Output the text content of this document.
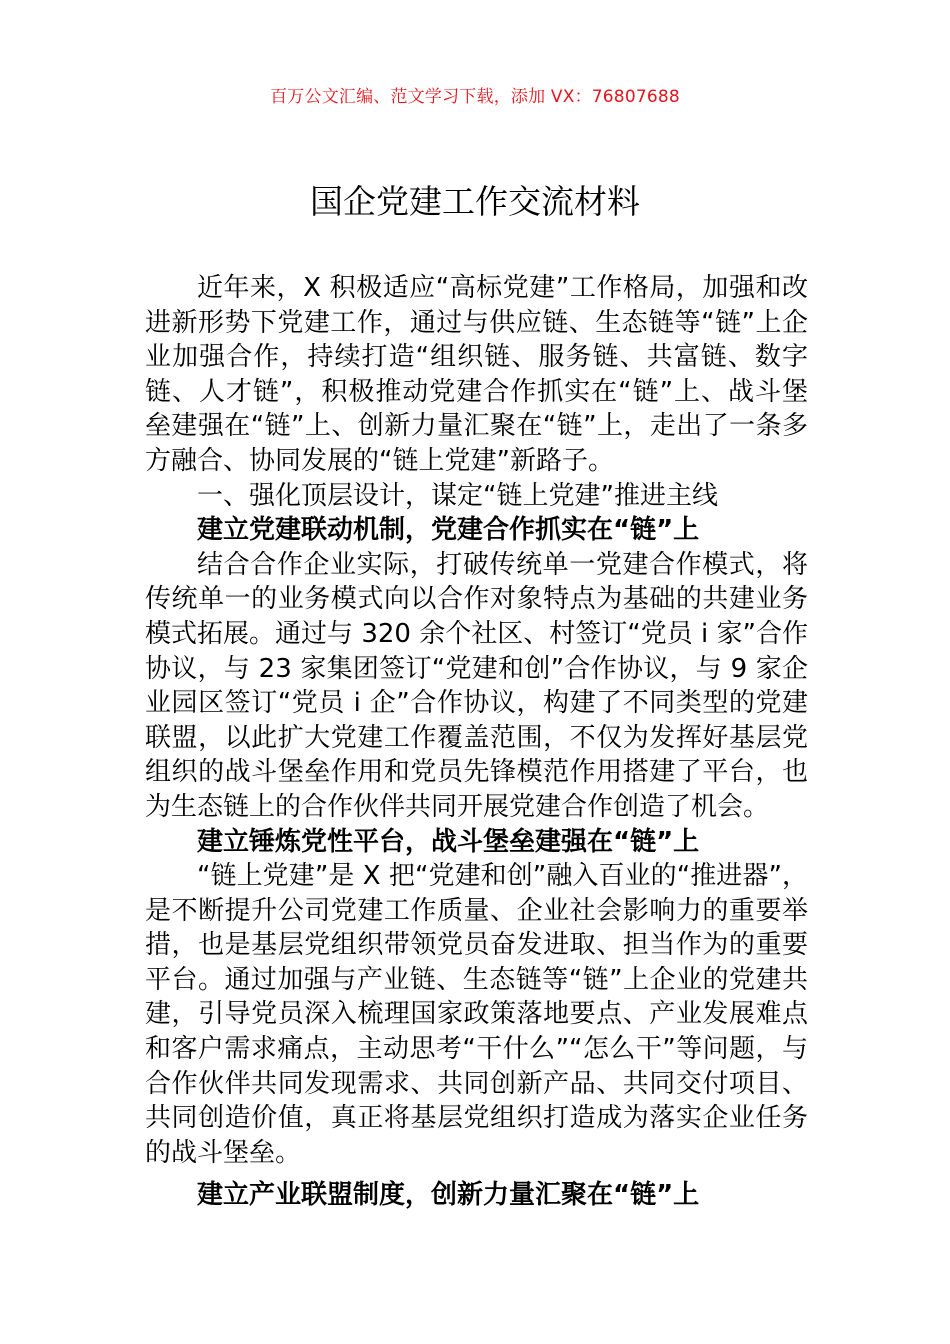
百万公文汇编、范文学习下载，添加 VX：76807688
国企党建工作交流材料

近年来，X 积极适应“高标党建”工作格局，加强和改进新形势下党建工作，通过与供应链、生态链等“链”上企业加强合作，持续打造“组织链、服务链、共富链、数字链、人才链”，积极推动党建合作抓实在“链”上、战斗堡垒建强在“链”上、创新力量汇聚在“链”上，走出了一条多方融合、协同发展的“链上党建”新路子。

一、强化顶层设计，谋定“链上党建”推进主线

建立党建联动机制，党建合作抓实在“链”上

结合合作企业实际，打破传统单一党建合作模式，将传统单一的业务模式向以合作对象特点为基础的共建业务模式拓展。通过与 320 余个社区、村签订“党员 i 家”合作协议，与 23 家集团签订“党建和创”合作协议，与 9 家企业园区签订“党员 i 企”合作协议，构建了不同类型的党建联盟，以此扩大党建工作覆盖范围，不仅为发挥好基层党组织的战斗堡垒作用和党员先锋模范作用搭建了平台，也为生态链上的合作伙伴共同开展党建合作创造了机会。

建立锤炼党性平台，战斗堡垒建强在“链”上

“链上党建”是 X 把“党建和创”融入百业的“推进器”，是不断提升公司党建工作质量、企业社会影响力的重要举措，也是基层党组织带领党员奋发进取、担当作为的重要平台。通过加强与产业链、生态链等“链”上企业的党建共建，引导党员深入梳理国家政策落地要点、产业发展难点和客户需求痛点，主动思考“干什么”“怎么干”等问题，与合作伙伴共同发现需求、共同创新产品、共同交付项目、共同创造价值，真正将基层党组织打造成为落实企业任务的战斗堡垒。

建立产业联盟制度，创新力量汇聚在“链”上
